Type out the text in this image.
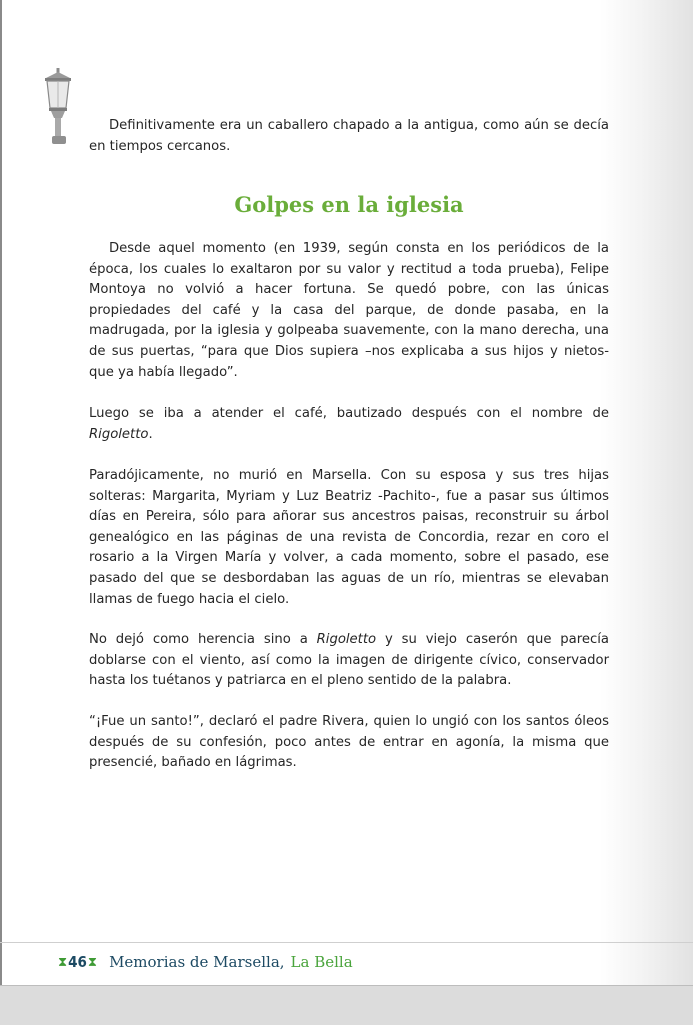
Definitivamente era un caballero chapado a la antigua, como aún se decía en tiempos cercanos.

Golpes en la iglesia

Desde aquel momento (en 1939, según consta en los periódicos de la época, los cuales lo exaltaron por su valor y rectitud a toda prueba), Felipe Montoya no volvió a hacer fortuna. Se quedó pobre, con las únicas propiedades del café y la casa del parque, de donde pasaba, en la madrugada, por la iglesia y golpeaba suavemente, con la mano derecha, una de sus puertas, “para que Dios supiera –nos explicaba a sus hijos y nietos- que ya había llegado”.

Luego se iba a atender el café, bautizado después con el nombre de Rigoletto.

Paradójicamente, no murió en Marsella. Con su esposa y sus tres hijas solteras: Margarita, Myriam y Luz Beatriz -Pachito-, fue a pasar sus últimos días en Pereira, sólo para añorar sus ancestros paisas, reconstruir su árbol genealógico en las páginas de una revista de Concordia, rezar en coro el rosario a la Virgen María y volver, a cada momento, sobre el pasado, ese pasado del que se desbordaban las aguas de un río, mientras se elevaban llamas de fuego hacia el cielo.

No dejó como herencia sino a Rigoletto y su viejo caserón que parecía doblarse con el viento, así como la imagen de dirigente cívico, conservador hasta los tuétanos y patriarca en el pleno sentido de la palabra.

“¡Fue un santo!”, declaró el padre Rivera, quien lo ungió con los santos óleos después de su confesión, poco antes de entrar en agonía, la misma que presencié, bañado en lágrimas.

⧗ 46 ⧗ Memorias de Marsella, La Bella
